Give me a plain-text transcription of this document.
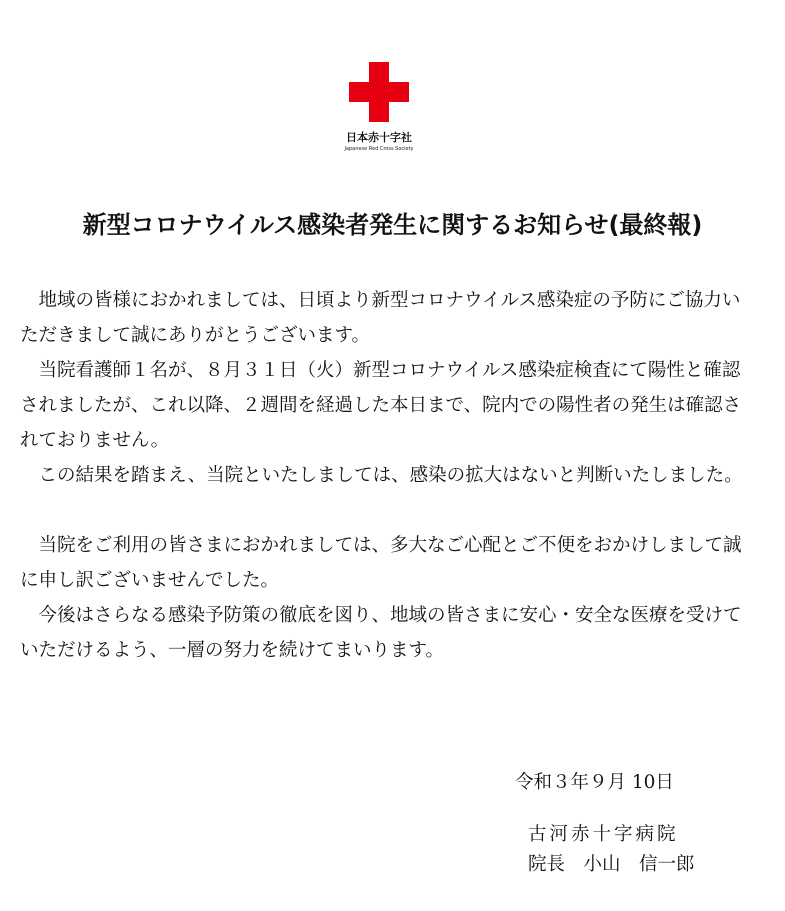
日本赤十字社
Japanese Red Cross Society
新型コロナウイルス感染者発生に関するお知らせ(最終報)

地域の皆様におかれましては、日頃より新型コロナウイルス感染症の予防にご協力いただきまして誠にありがとうございます。

当院看護師１名が、８月３１日（火）新型コロナウイルス感染症検査にて陽性と確認されましたが、これ以降、２週間を経過した本日まで、院内での陽性者の発生は確認されておりません。

この結果を踏まえ、当院といたしましては、感染の拡大はないと判断いたしました。

当院をご利用の皆さまにおかれましては、多大なご心配とご不便をおかけしまして誠に申し訳ございませんでした。

今後はさらなる感染予防策の徹底を図り、地域の皆さまに安心・安全な医療を受けていただけるよう、一層の努力を続けてまいります。

令和３年９月 10日
古河赤十字病院
院長　小山　信一郎
